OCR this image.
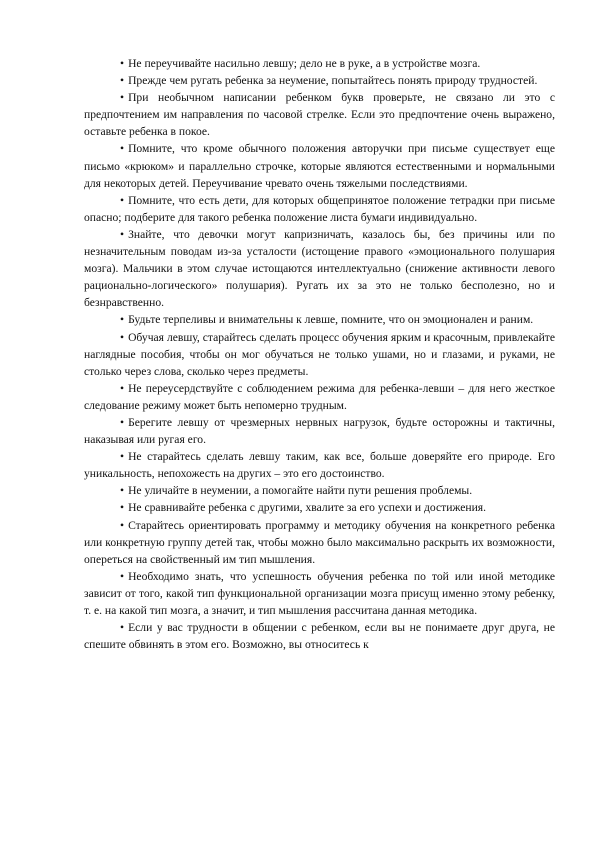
• Не переучивайте насильно левшу; дело не в руке, а в устройстве мозга.

• Прежде чем ругать ребенка за неумение, попытайтесь понять природу трудностей.

• При необычном написании ребенком букв проверьте, не связано ли это с предпочтением им направления по часовой стрелке. Если это предпочтение очень выражено, оставьте ребенка в покое.

• Помните, что кроме обычного положения авторучки при письме существует еще письмо «крюком» и параллельно строчке, которые являются естественными и нормальными для некоторых детей. Переучивание чревато очень тяжелыми последствиями.

• Помните, что есть дети, для которых общепринятое положение тетрадки при письме опасно; подберите для такого ребенка положение листа бумаги индивидуально.

• Знайте, что девочки могут капризничать, казалось бы, без причины или по незначительным поводам из-за усталости (истощение правого «эмоционального полушария мозга). Мальчики в этом случае истощаются интеллектуально (снижение активности левого рационально-логического» полушария). Ругать их за это не только бесполезно, но и безнравственно.

• Будьте терпеливы и внимательны к левше, помните, что он эмоционален и раним.

• Обучая левшу, старайтесь сделать процесс обучения ярким и красочным, привлекайте наглядные пособия, чтобы он мог обучаться не только ушами, но и глазами, и руками, не столько через слова, сколько через предметы.

• Не переусердствуйте с соблюдением режима для ребенка-левши – для него жесткое следование режиму может быть непомерно трудным.

• Берегите левшу от чрезмерных нервных нагрузок, будьте осторожны и тактичны, наказывая или ругая его.

• Не старайтесь сделать левшу таким, как все, больше доверяйте его природе. Его уникальность, непохожесть на других – это его достоинство.

• Не уличайте в неумении, а помогайте найти пути решения проблемы.

• Не сравнивайте ребенка с другими, хвалите за его успехи и достижения.

• Старайтесь ориентировать программу и методику обучения на конкретного ребенка или конкретную группу детей так, чтобы можно было максимально раскрыть их возможности, опереться на свойственный им тип мышления.

• Необходимо знать, что успешность обучения ребенка по той или иной методике зависит от того, какой тип функциональной организации мозга присущ именно этому ребенку, т. е. на какой тип мозга, а значит, и тип мышления рассчитана данная методика.

• Если у вас трудности в общении с ребенком, если вы не понимаете друг друга, не спешите обвинять в этом его. Возможно, вы относитесь к
